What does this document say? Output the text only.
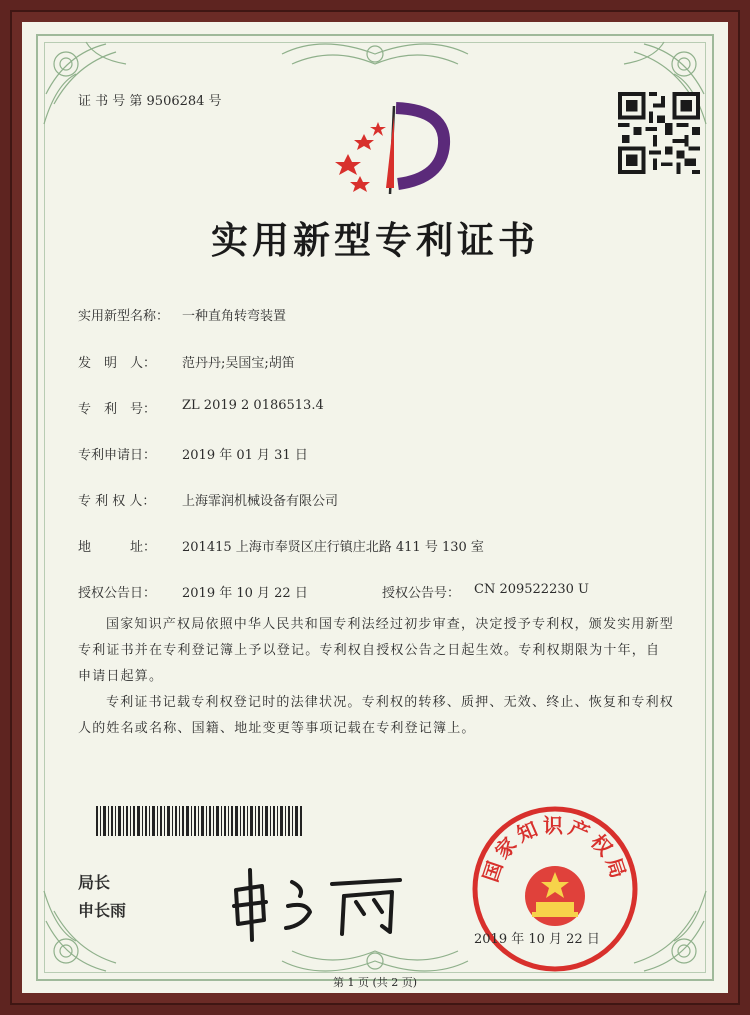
证 书 号 第 9506284 号
实用新型专利证书
实用新型名称： 一种直角转弯装置
发　明　人： 范丹丹;吴国宝;胡笛
专　利　号： ZL 2019 2 0186513.4
专利申请日： 2019 年 01 月 31 日
专 利 权 人： 上海霏润机械设备有限公司
地　　　址： 201415 上海市奉贤区庄行镇庄北路 411 号 130 室
授权公告日： 2019 年 10 月 22 日	授权公告号： CN 209522230 U
国家知识产权局依照中华人民共和国专利法经过初步审查，决定授予专利权，颁发实用新型专利证书并在专利登记簿上予以登记。专利权自授权公告之日起生效。专利权期限为十年，自申请日起算。
专利证书记载专利权登记时的法律状况。专利权的转移、质押、无效、终止、恢复和专利权人的姓名或名称、国籍、地址变更等事项记载在专利登记簿上。
局长
申长雨
国家知识产权局
2019 年 10 月 22 日
第 1 页 (共 2 页)
